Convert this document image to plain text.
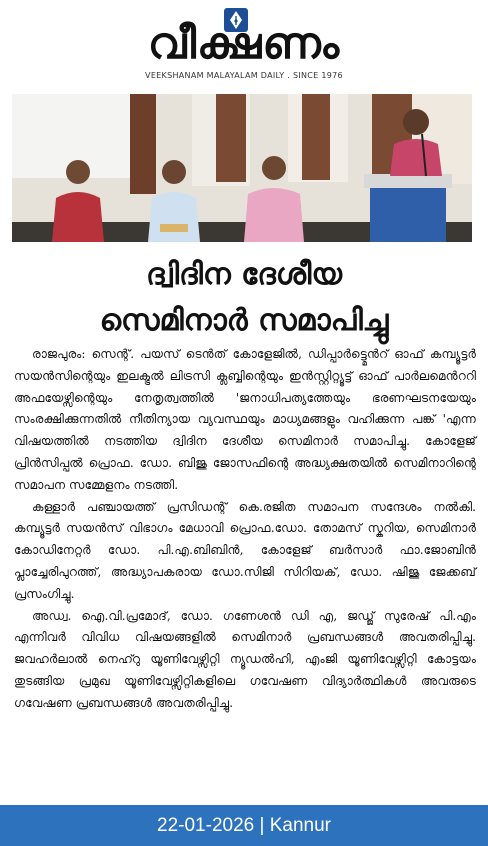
വീക്ഷണം
VEEKSHANAM MALAYALAM DAILY . SINCE 1976
ദ്വിദിന ദേശീയ
സെമിനാർ സമാപിച്ചു

രാജപുരം: സെന്റ്. പയസ് ടെൻത് കോളേജിൽ, ഡിപ്പാർട്ട്മെൻറ് ഓഫ് കമ്പ്യൂട്ടർ സയൻസിന്റെയും ഇലക്ട്രൽ ലിട്രസി ക്ലബ്ബിന്റെയും ഇൻസ്റ്റിറ്റ്യൂട്ട് ഓഫ് പാർലമെൻററി അഫയേഴ്സിന്റെയും നേതൃത്വത്തിൽ 'ജനാധിപത്യത്തേയും ഭരണഘടനയേയും സംരക്ഷിക്കുന്നതിൽ നീതിന്യായ വ്യവസ്ഥയും മാധ്യമങ്ങളും വഹിക്കുന്ന പങ്ക് 'എന്ന വിഷയത്തിൽ നടത്തിയ ദ്വിദിന ദേശീയ സെമിനാർ സമാപിച്ചു. കോളേജ് പ്രിൻസിപ്പൽ പ്രൊഫ. ഡോ. ബിജു ജോസഫിന്റെ അദ്ധ്യക്ഷതയിൽ സെമിനാറിന്റെ സമാപന സമ്മേളനം നടത്തി.

കള്ളാർ പഞ്ചായത്ത് പ്രസിഡന്റ് കെ.രജിത സമാപന സന്ദേശം നൽകി. കമ്പ്യൂട്ടർ സയൻസ് വിഭാഗം മേധാവി പ്രൊഫ.ഡോ. തോമസ് സ്കറിയ, സെമിനാർ കോഡിനേറ്റർ ഡോ. പി.എ.ബിബിൻ, കോളേജ് ബർസാർ ഫാ.ജോബിൻ പ്ലാച്ചേരിപുറത്ത്, അദ്ധ്യാപകരായ ഡോ.സിജി സിറിയക്, ഡോ. ഷിജു ജേക്കബ് പ്രസംഗിച്ചു.

അഡ്വ. ഐ.വി.പ്രമോദ്, ഡോ. ഗണേശൻ ഡി എ, ജഡ്ജ് സുരേഷ് പി.എം എന്നിവർ വിവിധ വിഷയങ്ങളിൽ സെമിനാർ പ്രബന്ധങ്ങൾ അവതരിപ്പിച്ചു. ജവഹർലാൽ നെഹ്റു യൂണിവേഴ്സിറ്റി ന്യൂഡൽഹി, എംജി യൂണിവേഴ്സിറ്റി കോട്ടയം തുടങ്ങിയ പ്രമുഖ യൂണിവേഴ്സിറ്റികളിലെ ഗവേഷണ വിദ്യാർത്ഥികൾ അവരുടെ ഗവേഷണ പ്രബന്ധങ്ങൾ അവതരിപ്പിച്ചു.

22-01-2026 | Kannur
